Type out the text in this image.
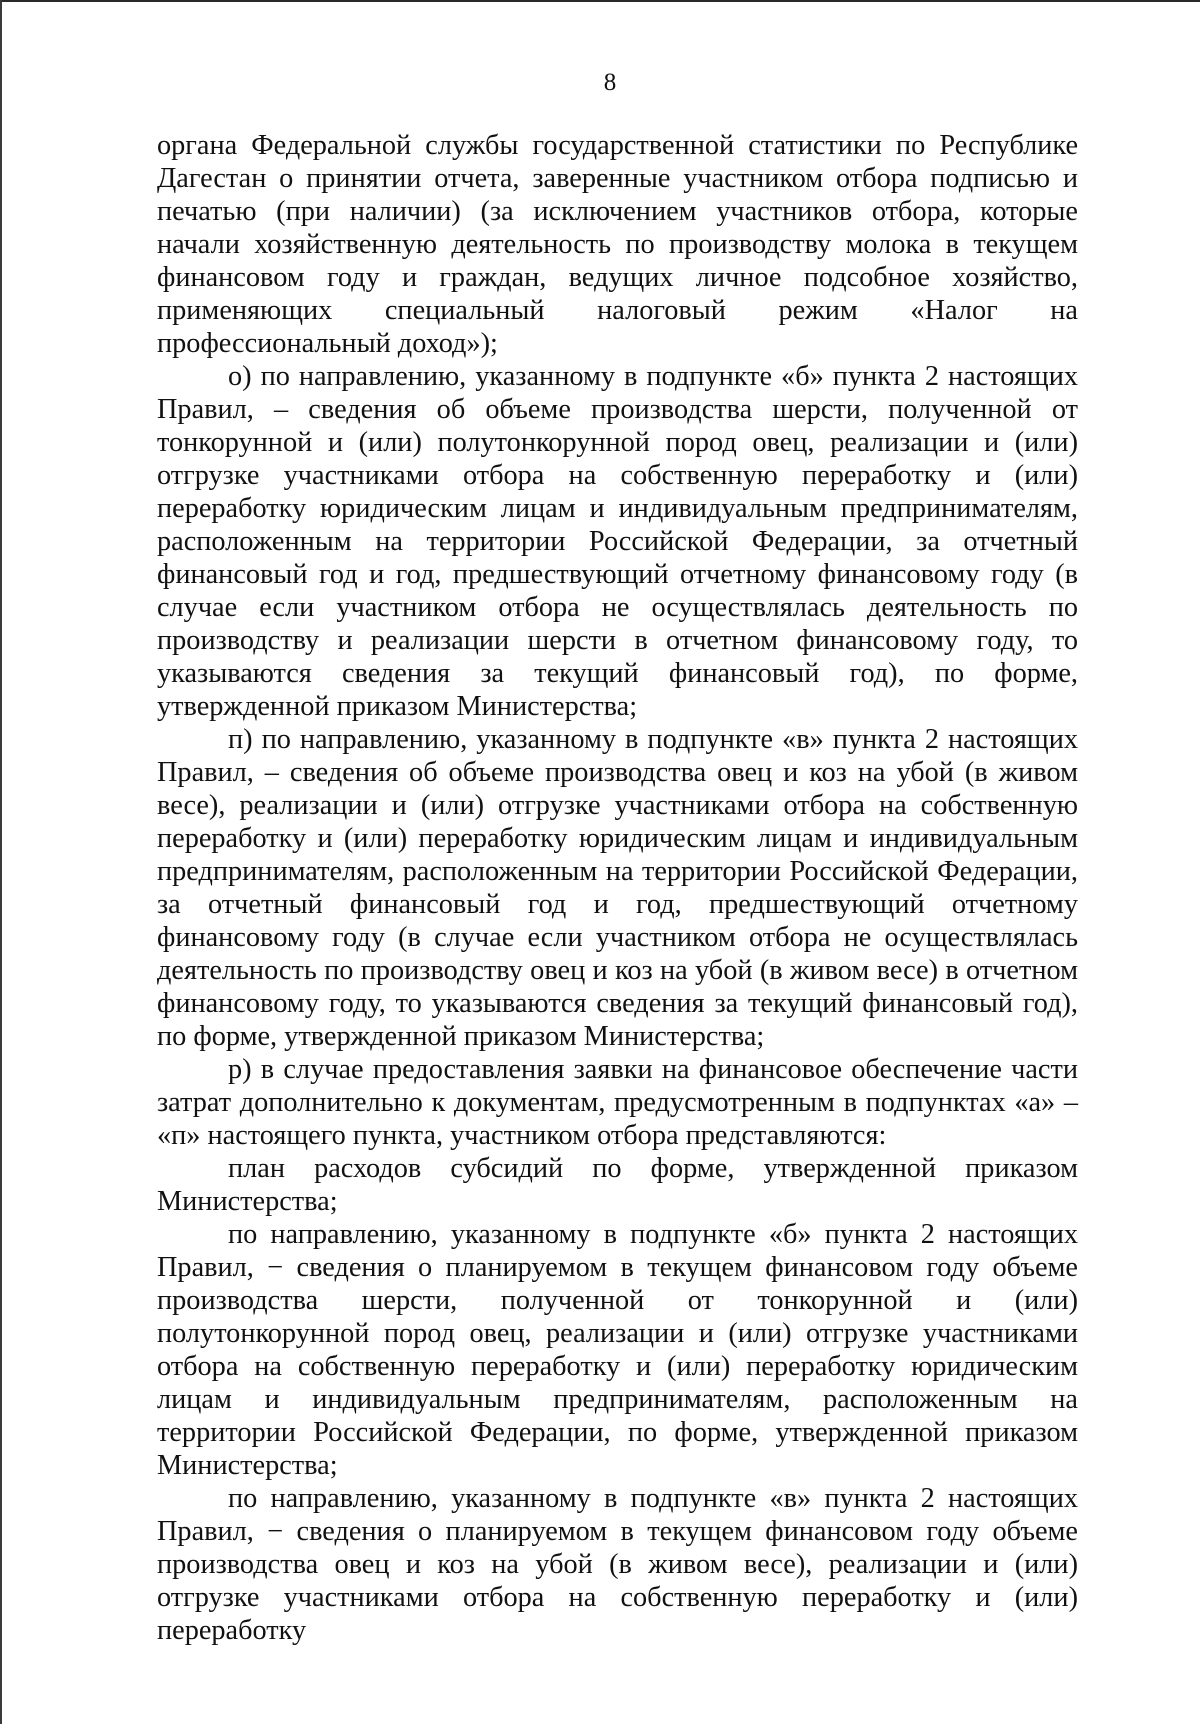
8

органа Федеральной службы государственной статистики по Республике Дагестан о принятии отчета, заверенные участником отбора подписью и печатью (при наличии) (за исключением участников отбора, которые начали хозяйственную деятельность по производству молока в текущем финансовом году и граждан, ведущих личное подсобное хозяйство, применяющих специальный налоговый режим «Налог на профессиональный доход»);

о) по направлению, указанному в подпункте «б» пункта 2 настоящих Правил, – сведения об объеме производства шерсти, полученной от тонкорунной и (или) полутонкорунной пород овец, реализации и (или) отгрузке участниками отбора на собственную переработку и (или) переработку юридическим лицам и индивидуальным предпринимателям, расположенным на территории Российской Федерации, за отчетный финансовый год и год, предшествующий отчетному финансовому году (в случае если участником отбора не осуществлялась деятельность по производству и реализации шерсти в отчетном финансовому году, то указываются сведения за текущий финансовый год), по форме, утвержденной приказом Министерства;

п) по направлению, указанному в подпункте «в» пункта 2 настоящих Правил, – сведения об объеме производства овец и коз на убой (в живом весе), реализации и (или) отгрузке участниками отбора на собственную переработку и (или) переработку юридическим лицам и индивидуальным предпринимателям, расположенным на территории Российской Федерации, за отчетный финансовый год и год, предшествующий отчетному финансовому году (в случае если участником отбора не осуществлялась деятельность по производству овец и коз на убой (в живом весе) в отчетном финансовому году, то указываются сведения за текущий финансовый год), по форме, утвержденной приказом Министерства;

р) в случае предоставления заявки на финансовое обеспечение части затрат дополнительно к документам, предусмотренным в подпунктах «а» – «п» настоящего пункта, участником отбора представляются:

план расходов субсидий по форме, утвержденной приказом Министерства;

по направлению, указанному в подпункте «б» пункта 2 настоящих Правил, − сведения о планируемом в текущем финансовом году объеме производства шерсти, полученной от тонкорунной и (или) полутонкорунной пород овец, реализации и (или) отгрузке участниками отбора на собственную переработку и (или) переработку юридическим лицам и индивидуальным предпринимателям, расположенным на территории Российской Федерации, по форме, утвержденной приказом Министерства;

по направлению, указанному в подпункте «в» пункта 2 настоящих Правил, − сведения о планируемом в текущем финансовом году объеме производства овец и коз на убой (в живом весе), реализации и (или) отгрузке участниками отбора на собственную переработку и (или) переработку
